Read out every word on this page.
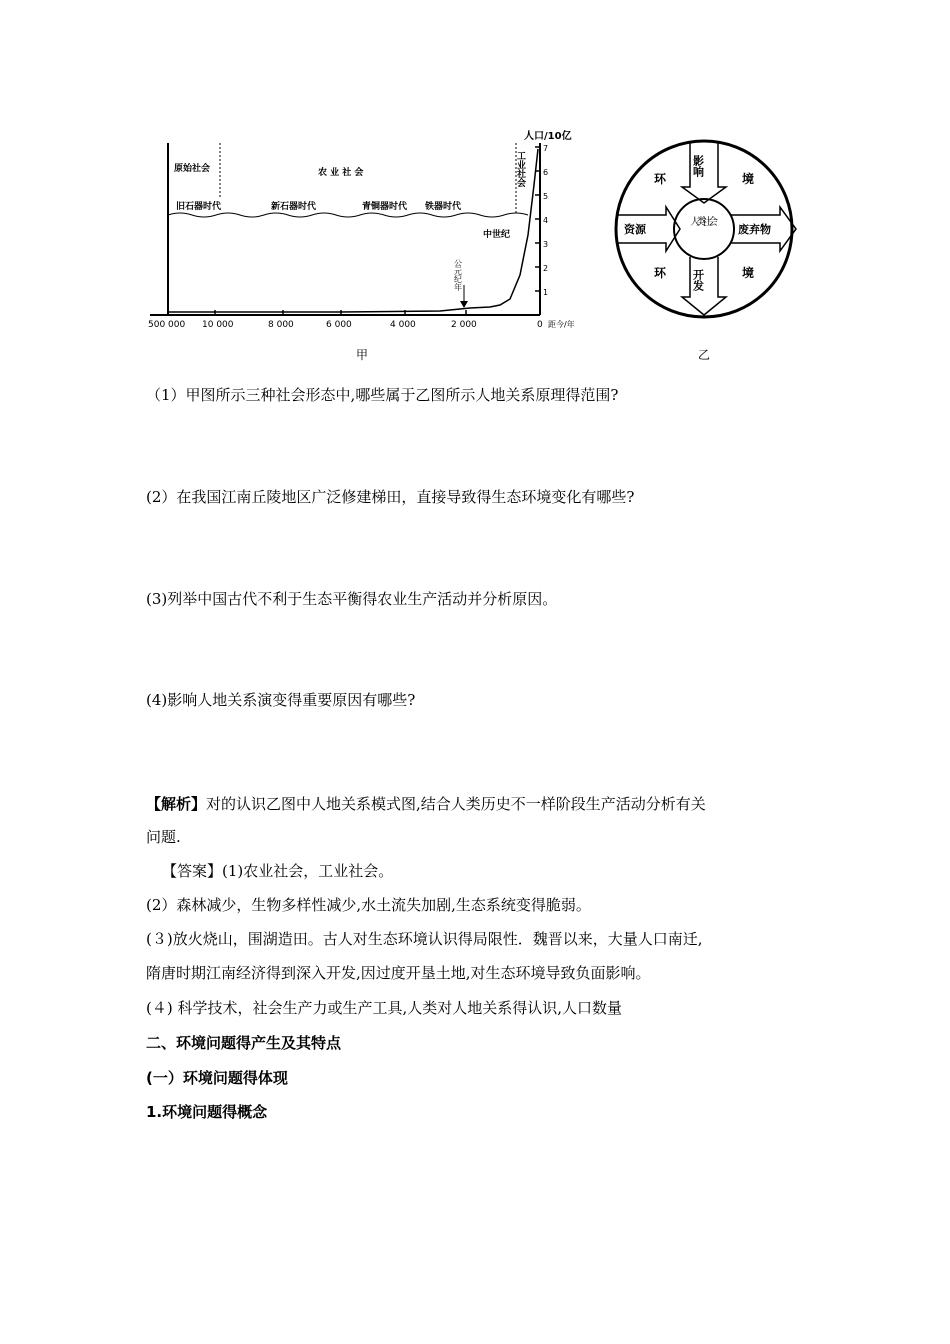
7
6
5
4
3
2
1
人口/10亿
500 000 10 000	8 000	6 000	4 000	2 000	0 距今/年
原始社会	农 业 社 会	工业社会
旧石器时代	新石器时代	青铜器时代 铁器时代
中世纪
公元纪年
甲
影响
开发
资源	废弃物
人类社会
环	境
环	境
乙
（1）甲图所示三种社会形态中,哪些属于乙图所示人地关系原理得范围?
(2）在我国江南丘陵地区广泛修建梯田，直接导致得生态环境变化有哪些?
(3)列举中国古代不利于生态平衡得农业生产活动并分析原因。
(4)影响人地关系演变得重要原因有哪些?
【解析】对的认识乙图中人地关系模式图,结合人类历史不一样阶段生产活动分析有关
问题.
【答案】(1)农业社会，工业社会。
(2）森林减少，生物多样性减少,水土流失加剧,生态系统变得脆弱。
(３)放火烧山，围湖造田。古人对生态环境认识得局限性．魏晋以来，大量人口南迁,
隋唐时期江南经济得到深入开发,因过度开垦土地,对生态环境导致负面影响。
(４) 科学技术，社会生产力或生产工具,人类对人地关系得认识,人口数量
二、环境问题得产生及其特点
(一）环境问题得体现
1.环境问题得概念
